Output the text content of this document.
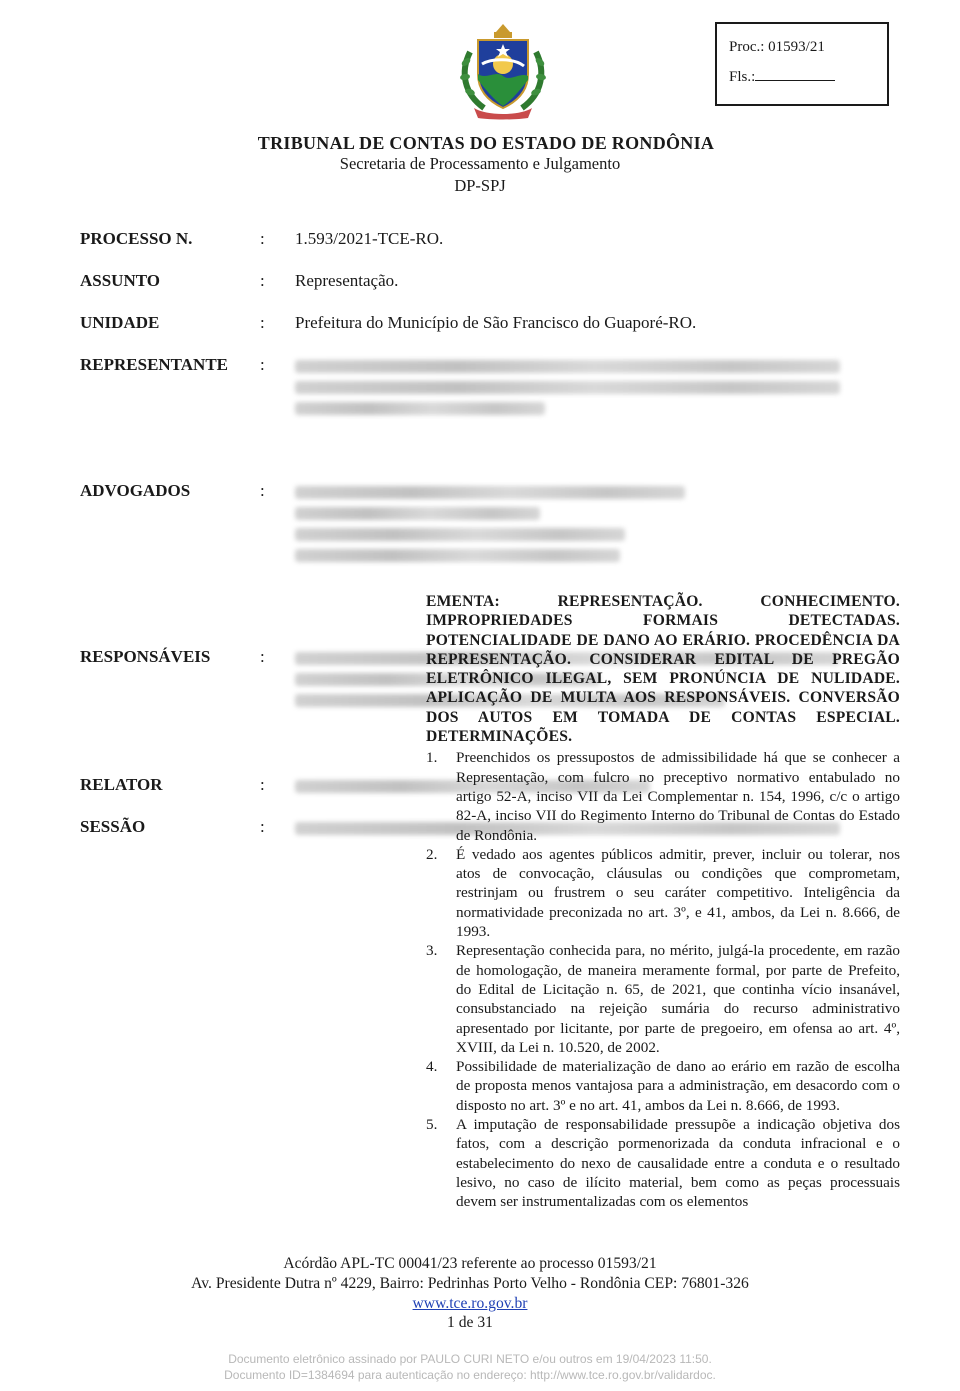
Proc.: 01593/21
Fls.:
TRIBUNAL DE CONTAS DO ESTADO DE RONDÔNIA
Secretaria de Processamento e Julgamento
DP-SPJ
PROCESSO N.	: 1.593/2021-TCE-RO.
ASSUNTO	: Representação.
UNIDADE	: Prefeitura do Município de São Francisco do Guaporé-RO.
REPRESENTANTE :
ADVOGADOS	:
RESPONSÁVEIS	:
RELATOR	:
SESSÃO	:
EMENTA: REPRESENTAÇÃO. CONHECIMENTO. IMPROPRIEDADES FORMAIS DETECTADAS. POTENCIALIDADE DE DANO AO ERÁRIO. PROCEDÊNCIA DA REPRESENTAÇÃO. CONSIDERAR EDITAL DE PREGÃO ELETRÔNICO ILEGAL, SEM PRONÚNCIA DE NULIDADE. APLICAÇÃO DE MULTA AOS RESPONSÁVEIS. CONVERSÃO DOS AUTOS EM TOMADA DE CONTAS ESPECIAL. DETERMINAÇÕES.
1. Preenchidos os pressupostos de admissibilidade há que se conhecer a Representação, com fulcro no preceptivo normativo entabulado no artigo 52-A, inciso VII da Lei Complementar n. 154, 1996, c/c o artigo 82-A, inciso VII do Regimento Interno do Tribunal de Contas do Estado de Rondônia.
2. É vedado aos agentes públicos admitir, prever, incluir ou tolerar, nos atos de convocação, cláusulas ou condições que comprometam, restrinjam ou frustrem o seu caráter competitivo. Inteligência da normatividade preconizada no art. 3º, e 41, ambos, da Lei n. 8.666, de 1993.
3. Representação conhecida para, no mérito, julgá-la procedente, em razão de homologação, de maneira meramente formal, por parte de Prefeito, do Edital de Licitação n. 65, de 2021, que continha vício insanável, consubstanciado na rejeição sumária do recurso administrativo apresentado por licitante, por parte de pregoeiro, em ofensa ao art. 4º, XVIII, da Lei n. 10.520, de 2002.
4. Possibilidade de materialização de dano ao erário em razão de escolha de proposta menos vantajosa para a administração, em desacordo com o disposto no art. 3º e no art. 41, ambos da Lei n. 8.666, de 1993.
5. A imputação de responsabilidade pressupõe a indicação objetiva dos fatos, com a descrição pormenorizada da conduta infracional e o estabelecimento do nexo de causalidade entre a conduta e o resultado lesivo, no caso de ilícito material, bem como as peças processuais devem ser instrumentalizadas com os elementos
Acórdão APL-TC 00041/23 referente ao processo 01593/21
Av. Presidente Dutra nº 4229, Bairro: Pedrinhas Porto Velho - Rondônia CEP: 76801-326
www.tce.ro.gov.br
1 de 31
Documento eletrônico assinado por PAULO CURI NETO e/ou outros em 19/04/2023 11:50.
Documento ID=1384694 para autenticação no endereço: http://www.tce.ro.gov.br/validardoc.
